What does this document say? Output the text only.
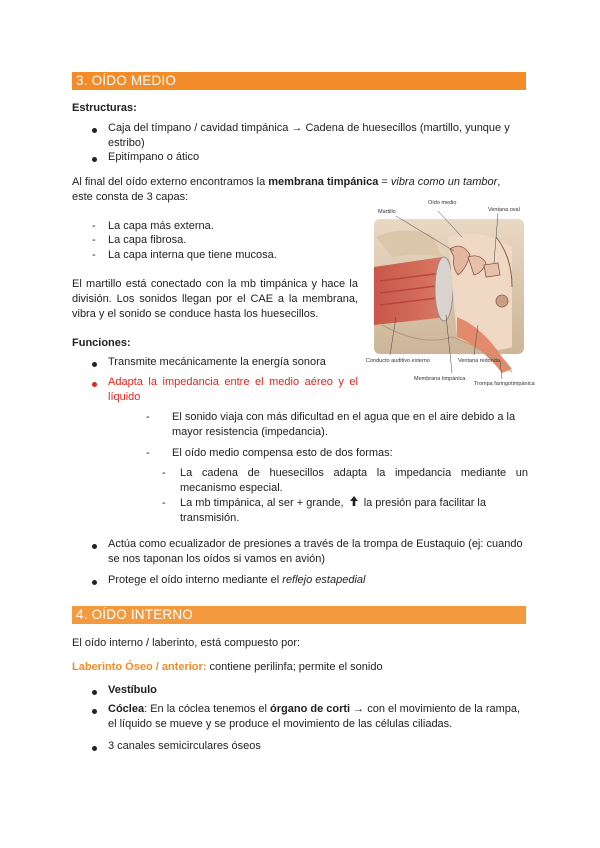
3. OÍDO MEDIO
Estructuras:
Caja del tímpano / cavidad timpánica → Cadena de huesecillos (martillo, yunque y estribo)
Epitímpano o ático
Al final del oído externo encontramos la membrana timpánica = vibra como un tambor,
este consta de 3 capas:
- La capa más externa.
- La capa fibrosa.
- La capa interna que tiene mucosa.
El martillo está conectado con la mb timpánica y hace la división. Los sonidos llegan por el CAE a la membrana, vibra y el sonido se conduce hasta los huesecillos.
Martillo
Oído medio
Ventana oval
Conducto auditivo externo
Membrana timpánica
Ventana redonda
Trompa faringotimpánica
Funciones:
Transmite mecánicamente la energía sonora
Adapta la impedancia entre el medio aéreo y el líquido
- El sonido viaja con más dificultad en el agua que en el aire debido a la mayor resistencia (impedancia).
- El oído medio compensa esto de dos formas:
- La cadena de huesecillos adapta la impedancia mediante un mecanismo especial.
- La mb timpánica, al ser + grande, la presión para facilitar la transmisión.
Actúa como ecualizador de presiones a través de la trompa de Eustaquio (ej: cuando se nos taponan los oídos si vamos en avión)
Protege el oído interno mediante el reflejo estapedial
4. OÍDO INTERNO
El oído interno / laberinto, está compuesto por:
Laberinto Óseo / anterior: contiene perilinfa; permite el sonido
Vestíbulo
Cóclea: En la cóclea tenemos el órgano de corti → con el movimiento de la rampa, el líquido se mueve y se produce el movimiento de las células ciliadas.
3 canales semicirculares óseos
